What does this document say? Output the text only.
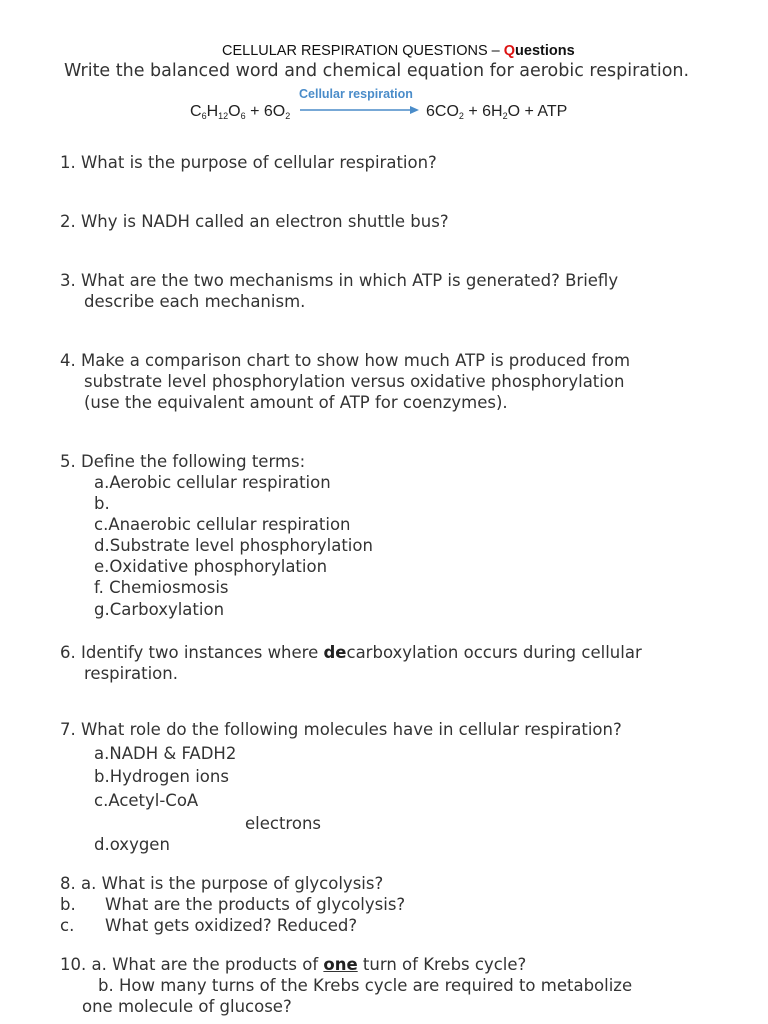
CELLULAR RESPIRATION QUESTIONS – Questions
Write the balanced word and chemical equation for aerobic respiration.
Cellular respiration
$C_6H_{12}O_6 + 6O_2$	$6CO_2 + 6H_2O$ + ATP
1. What is the purpose of cellular respiration?
2. Why is NADH called an electron shuttle bus?
3. What are the two mechanisms in which ATP is generated? Briefly
describe each mechanism.
4. Make a comparison chart to show how much ATP is produced from
substrate level phosphorylation versus oxidative phosphorylation
(use the equivalent amount of ATP for coenzymes).
5. Define the following terms:
a.Aerobic cellular respiration
b.
c.Anaerobic cellular respiration
d.Substrate level phosphorylation
e.Oxidative phosphorylation
f. Chemiosmosis
g.Carboxylation
6. Identify two instances where decarboxylation occurs during cellular
respiration.
7. What role do the following molecules have in cellular respiration?
a.NADH & FADH2
b.Hydrogen ions
c.Acetyl-CoA
electrons
d.oxygen
8. a. What is the purpose of glycolysis?
b. What are the products of glycolysis?
c. What gets oxidized? Reduced?
10. a. What are the products of one turn of Krebs cycle?
b. How many turns of the Krebs cycle are required to metabolize
one molecule of glucose?
